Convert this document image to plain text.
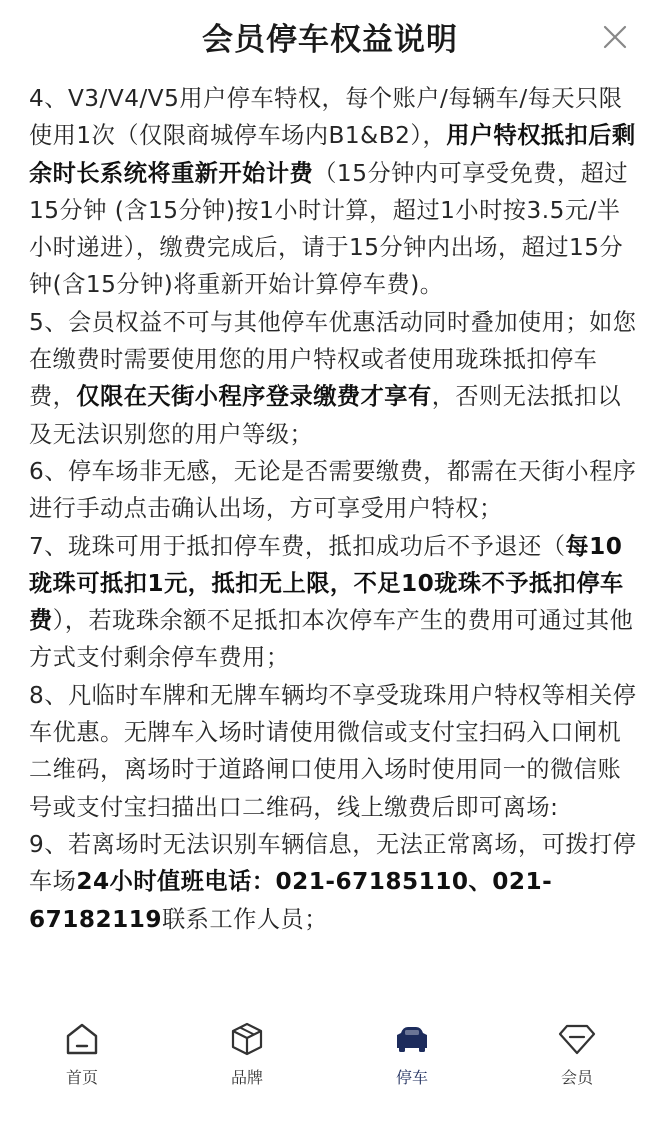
会员停车权益说明

4、V3/V4/V5用户停车特权，每个账户/每辆车/每天只限使用1次（仅限商城停车场内B1&B2），用户特权抵扣后剩余时长系统将重新开始计费（15分钟内可享受免费，超过15分钟 (含15分钟)按1小时计算，超过1小时按3.5元/半小时递进），缴费完成后，请于15分钟内出场，超过15分钟(含15分钟)将重新开始计算停车费)。

5、会员权益不可与其他停车优惠活动同时叠加使用；如您在缴费时需要使用您的用户特权或者使用珑珠抵扣停车费，仅限在天街小程序登录缴费才享有，否则无法抵扣以及无法识别您的用户等级；

6、停车场非无感，无论是否需要缴费，都需在天街小程序进行手动点击确认出场，方可享受用户特权；

7、珑珠可用于抵扣停车费，抵扣成功后不予退还（每10珑珠可抵扣1元，抵扣无上限，不足10珑珠不予抵扣停车费），若珑珠余额不足抵扣本次停车产生的费用可通过其他方式支付剩余停车费用；

8、凡临时车牌和无牌车辆均不享受珑珠用户特权等相关停车优惠。无牌车入场时请使用微信或支付宝扫码入口闸机二维码，离场时于道路闸口使用入场时使用同一的微信账号或支付宝扫描出口二维码，线上缴费后即可离场:

9、若离场时无法识别车辆信息，无法正常离场，可拨打停车场24小时值班电话：021-67185110、021-67182119联系工作人员；

首页	品牌	停车	会员
